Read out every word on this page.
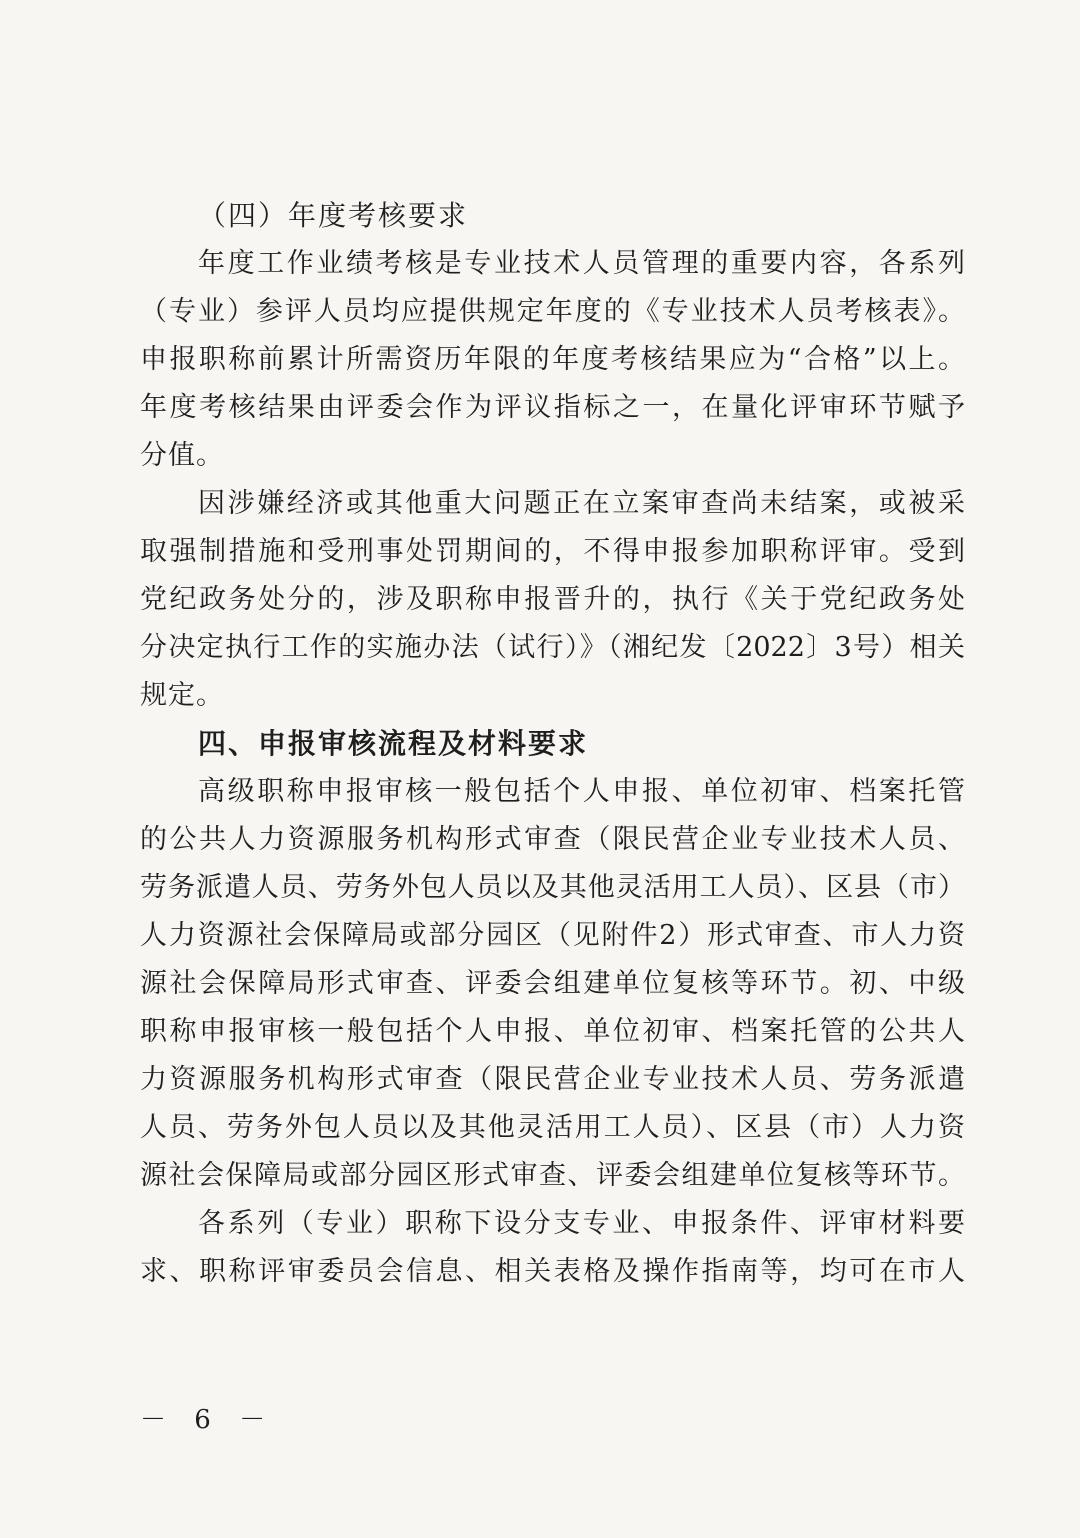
（四）年度考核要求
年度工作业绩考核是专业技术人员管理的重要内容，各系列
（专业）参评人员均应提供规定年度的《专业技术人员考核表》。
申报职称前累计所需资历年限的年度考核结果应为“合格”以上。
年度考核结果由评委会作为评议指标之一，在量化评审环节赋予
分值。
因涉嫌经济或其他重大问题正在立案审查尚未结案，或被采
取强制措施和受刑事处罚期间的，不得申报参加职称评审。受到
党纪政务处分的，涉及职称申报晋升的，执行《关于党纪政务处
分决定执行工作的实施办法（试行）》（湘纪发〔2022〕3号）相关
规定。
四、申报审核流程及材料要求
高级职称申报审核一般包括个人申报、单位初审、档案托管
的公共人力资源服务机构形式审查（限民营企业专业技术人员、
劳务派遣人员、劳务外包人员以及其他灵活用工人员）、区县（市）
人力资源社会保障局或部分园区（见附件2）形式审查、市人力资
源社会保障局形式审查、评委会组建单位复核等环节。初、中级
职称申报审核一般包括个人申报、单位初审、档案托管的公共人
力资源服务机构形式审查（限民营企业专业技术人员、劳务派遣
人员、劳务外包人员以及其他灵活用工人员）、区县（市）人力资
源社会保障局或部分园区形式审查、评委会组建单位复核等环节。
各系列（专业）职称下设分支专业、申报条件、评审材料要
求、职称评审委员会信息、相关表格及操作指南等，均可在市人
－ 6 －
